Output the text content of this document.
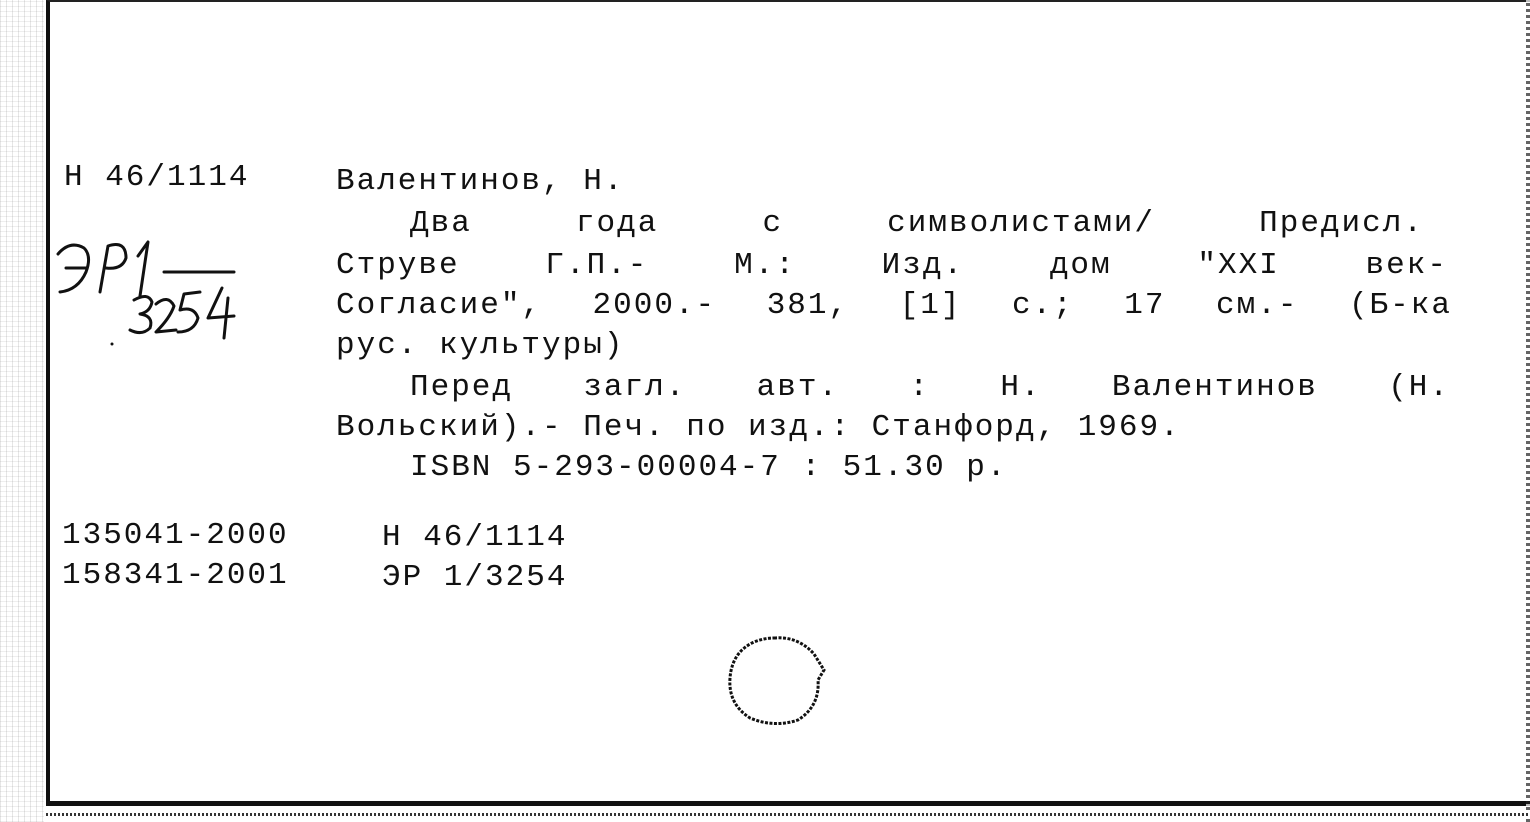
Н 46/1114	Валентинов, Н.
Два	года	с	символистами/	Предисл.
Струве	Г.П.-	М.:	Изд.	дом	"XXI	век-
Согласие", 2000.- 381, [1] с.; 17 см.- (Б-ка
рус. культуры)
Перед загл. авт. : Н. Валентинов (Н.
Вольский).- Печ. по изд.: Станфорд, 1969.
ISBN 5-293-00004-7 : 51.30 р.
135041-2000	Н 46/1114
158341-2001	ЭР 1/3254
